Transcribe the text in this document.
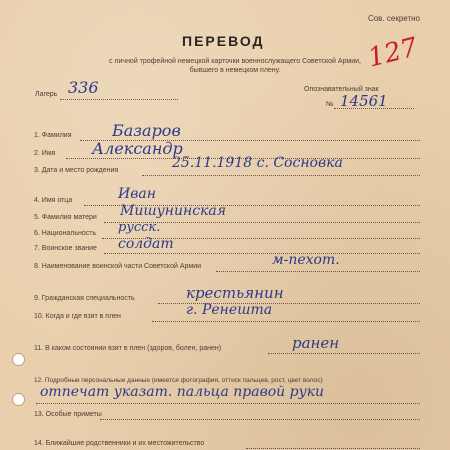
Сов. секретно
ПЕРЕВОД
с личной трофейной немецкой карточки военнослужащего Советской Армии,
бывшего в немецком плену.	127
Лагерь 336	Опознавательный знак
№ 14561
1. Фамилия	Базаров
2. Имя Александр
3. Дата и место рождения	25.11.1918 с. Сосновка
4. Имя отца	Иван
5. Фамилия матери Мишунинская
6. Национальность русск.
7. Воинское звание солдат
8. Наименование воинской части Советской Армии	м-пехот.
9. Гражданская специальность	крестьянин
10. Когда и где взят в плен	г. Ренешта
11. В каком состоянии взят в плен (здоров, болен, ранен)	ранен
12. Подробные персональные данные (имеется фотография, оттиск пальцев, рост, цвет волос)
отпечат указат. пальца правой руки
13. Особые приметы
14. Ближайшие родственники и их местожительство
